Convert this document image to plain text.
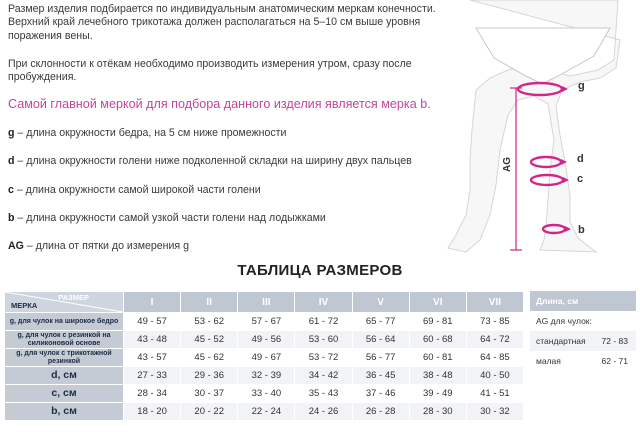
Размер изделия подбирается по индивидуальным анатомическим меркам конечности. Верхний край лечебного трикотажа должен располагаться на 5–10 см выше уровня поражения вены.
При склонности к отёкам необходимо производить измерения утром, сразу после пробуждения.
Самой главной меркой для подбора данного изделия является мерка b.
g – длина окружности бедра, на 5 см ниже промежности
d – длина окружности голени ниже подколенной складки на ширину двух пальцев
c – длина окружности самой широкой части голени
b – длина окружности самой узкой части голени над лодыжками
AG – длина от пятки до измерения g
AG
g
d
c
b
ТАБЛИЦА РАЗМЕРОВ
РАЗМЕР
МЕРКА	I	II	III	IV	V	VI	VII
g, для чулок на широкое бедро	49 - 57	53 - 62	57 - 67	61 - 72	65 - 77	69 - 81	73 - 85
g, для чулок с резинкой на силиконовой основе	43 - 48	45 - 52	49 - 56	53 - 60	56 - 64	60 - 68	64 - 72
g, для чулок с трикотажной резинкой	43 - 57	45 - 62	49 - 67	53 - 72	56 - 77	60 - 81	64 - 85
d, см	27 - 33	29 - 36	32 - 39	34 - 42	36 - 45	38 - 48	40 - 50
c, см	28 - 34	30 - 37	33 - 40	35 - 43	37 - 46	39 - 49	41 - 51
b, см	18 - 20	20 - 22	22 - 24	24 - 26	26 - 28	28 - 30	30 - 32
Длина, см
AG для чулок:
стандартная 72 - 83
малая	62 - 71
